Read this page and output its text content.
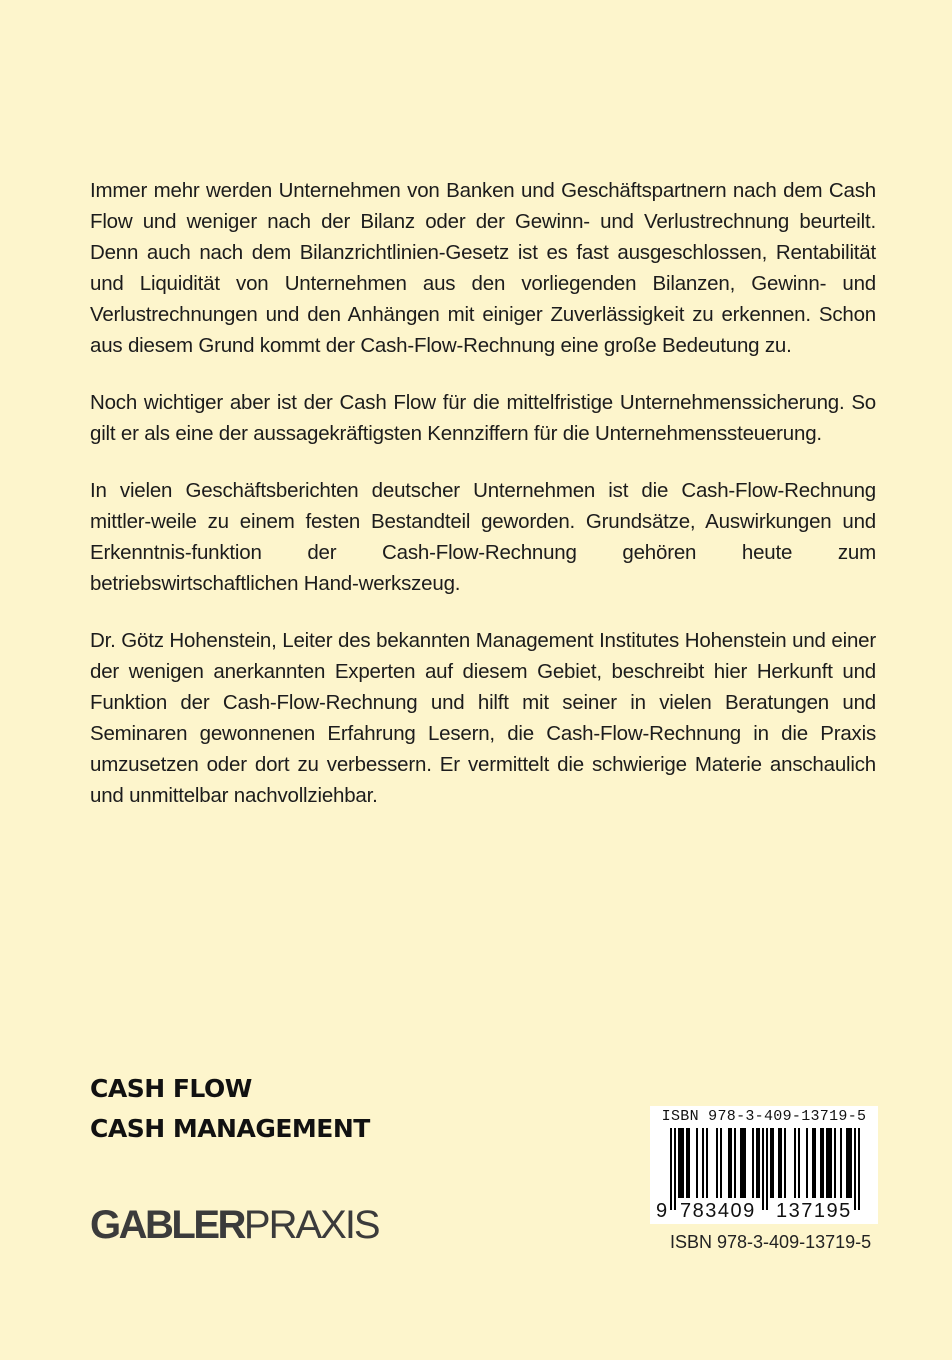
Immer mehr werden Unternehmen von Banken und Geschäftspartnern nach dem Cash Flow und weniger nach der Bilanz oder der Gewinn- und Verlustrechnung beurteilt. Denn auch nach dem Bilanzrichtlinien-Gesetz ist es fast ausgeschlossen, Rentabilität und Liquidität von Unternehmen aus den vorliegenden Bilanzen, Gewinn- und Verlustrechnungen und den Anhängen mit einiger Zuverlässigkeit zu erkennen. Schon aus diesem Grund kommt der Cash-Flow-Rechnung eine große Bedeutung zu.

Noch wichtiger aber ist der Cash Flow für die mittelfristige Unternehmenssicherung. So gilt er als eine der aussagekräftigsten Kennziffern für die Unternehmenssteuerung.

In vielen Geschäftsberichten deutscher Unternehmen ist die Cash-Flow-Rechnung mittler-weile zu einem festen Bestandteil geworden. Grundsätze, Auswirkungen und Erkenntnis-funktion der Cash-Flow-Rechnung gehören heute zum betriebswirtschaftlichen Hand-werkszeug.

Dr. Götz Hohenstein, Leiter des bekannten Management Institutes Hohenstein und einer der wenigen anerkannten Experten auf diesem Gebiet, beschreibt hier Herkunft und Funktion der Cash-Flow-Rechnung und hilft mit seiner in vielen Beratungen und Seminaren gewonnenen Erfahrung Lesern, die Cash-Flow-Rechnung in die Praxis umzusetzen oder dort zu verbessern. Er vermittelt die schwierige Materie anschaulich und unmittelbar nachvollziehbar.

CASH FLOW
CASH MANAGEMENT
GABLERPRAXIS
ISBN 978-3-409-13719-5
9 783409 137195
ISBN 978-3-409-13719-5
